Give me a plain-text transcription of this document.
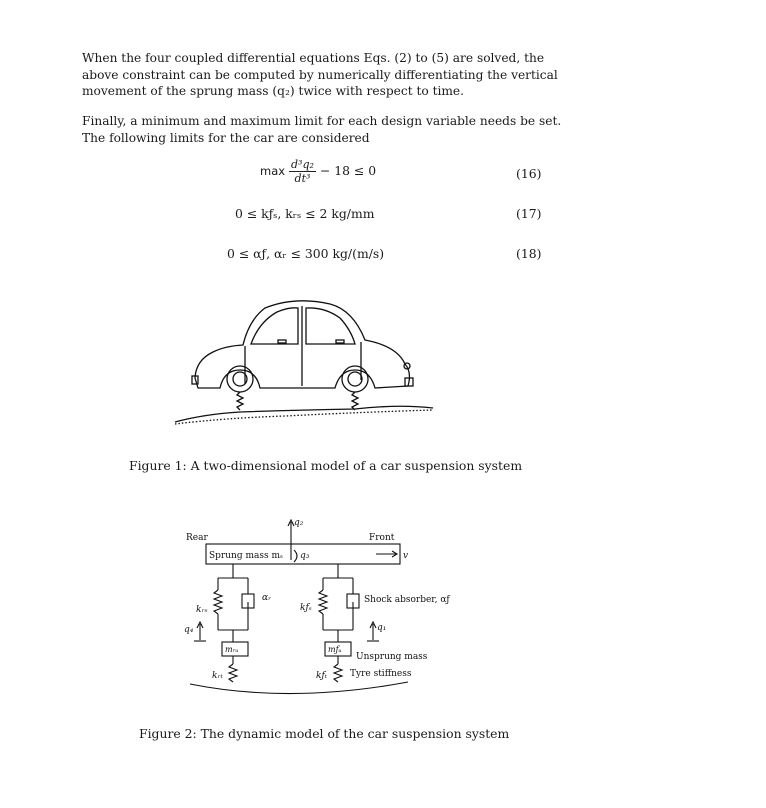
When the four coupled differential equations Eqs. (2) to (5) are solved, the
above constraint can be computed by numerically differentiating the vertical
movement of the sprung mass (q₂) twice with respect to time.
Finally, a minimum and maximum limit for each design variable needs be set.
The following limits for the car are considered
$\max \frac{\text{d³q₂}}{\text{dt³}} - 18 \le 0$	(16)
0 ≤ kƒₛ, kᵣₛ ≤ 2 kg/mm	(17)
0 ≤ αƒ, αᵣ ≤ 300 kg/(m/s)	(18)
Figure 1: A two-dimensional model of a car suspension system
Rear	Front
q₂
q₃
Sprung mass mₛ	v
αᵣ
kᵣₛ	kƒₛ
Shock absorber, αƒ
q₄	q₁
mᵣᵤ	mƒᵤ
Unsprung mass
kᵣₜ	kƒₜ	Tyre stiffness
Figure 2: The dynamic model of the car suspension system
